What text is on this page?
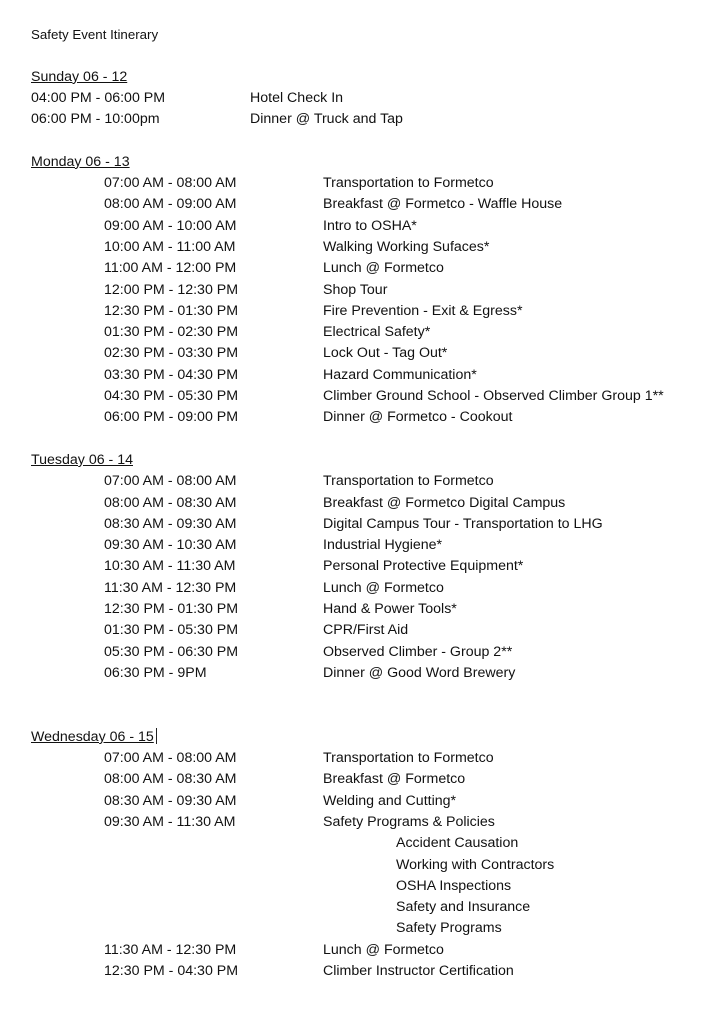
Safety Event Itinerary
Sunday 06 - 12
04:00 PM - 06:00 PM	Hotel Check In
06:00 PM - 10:00pm	Dinner @ Truck and Tap
Monday 06 - 13
07:00 AM - 08:00 AM	Transportation to Formetco
08:00 AM - 09:00 AM	Breakfast @ Formetco - Waffle House
09:00 AM - 10:00 AM	Intro to OSHA*
10:00 AM - 11:00 AM	Walking Working Sufaces*
11:00 AM - 12:00 PM	Lunch @ Formetco
12:00 PM - 12:30 PM	Shop Tour
12:30 PM - 01:30 PM	Fire Prevention - Exit & Egress*
01:30 PM - 02:30 PM	Electrical Safety*
02:30 PM - 03:30 PM	Lock Out - Tag Out*
03:30 PM - 04:30 PM	Hazard Communication*
04:30 PM - 05:30 PM	Climber Ground School - Observed Climber Group 1**
06:00 PM - 09:00 PM	Dinner @ Formetco - Cookout
Tuesday 06 - 14
07:00 AM - 08:00 AM	Transportation to Formetco
08:00 AM - 08:30 AM	Breakfast @ Formetco Digital Campus
08:30 AM - 09:30 AM	Digital Campus Tour - Transportation to LHG
09:30 AM - 10:30 AM	Industrial Hygiene*
10:30 AM - 11:30 AM	Personal Protective Equipment*
11:30 AM - 12:30 PM	Lunch @ Formetco
12:30 PM - 01:30 PM	Hand & Power Tools*
01:30 PM - 05:30 PM	CPR/First Aid
05:30 PM - 06:30 PM	Observed Climber - Group 2**
06:30 PM - 9PM	Dinner @ Good Word Brewery
Wednesday 06 - 15
07:00 AM - 08:00 AM	Transportation to Formetco
08:00 AM - 08:30 AM	Breakfast @ Formetco
08:30 AM - 09:30 AM	Welding and Cutting*
09:30 AM - 11:30 AM	Safety Programs & Policies
Accident Causation
Working with Contractors
OSHA Inspections
Safety and Insurance
Safety Programs
11:30 AM - 12:30 PM	Lunch @ Formetco
12:30 PM - 04:30 PM	Climber Instructor Certification
